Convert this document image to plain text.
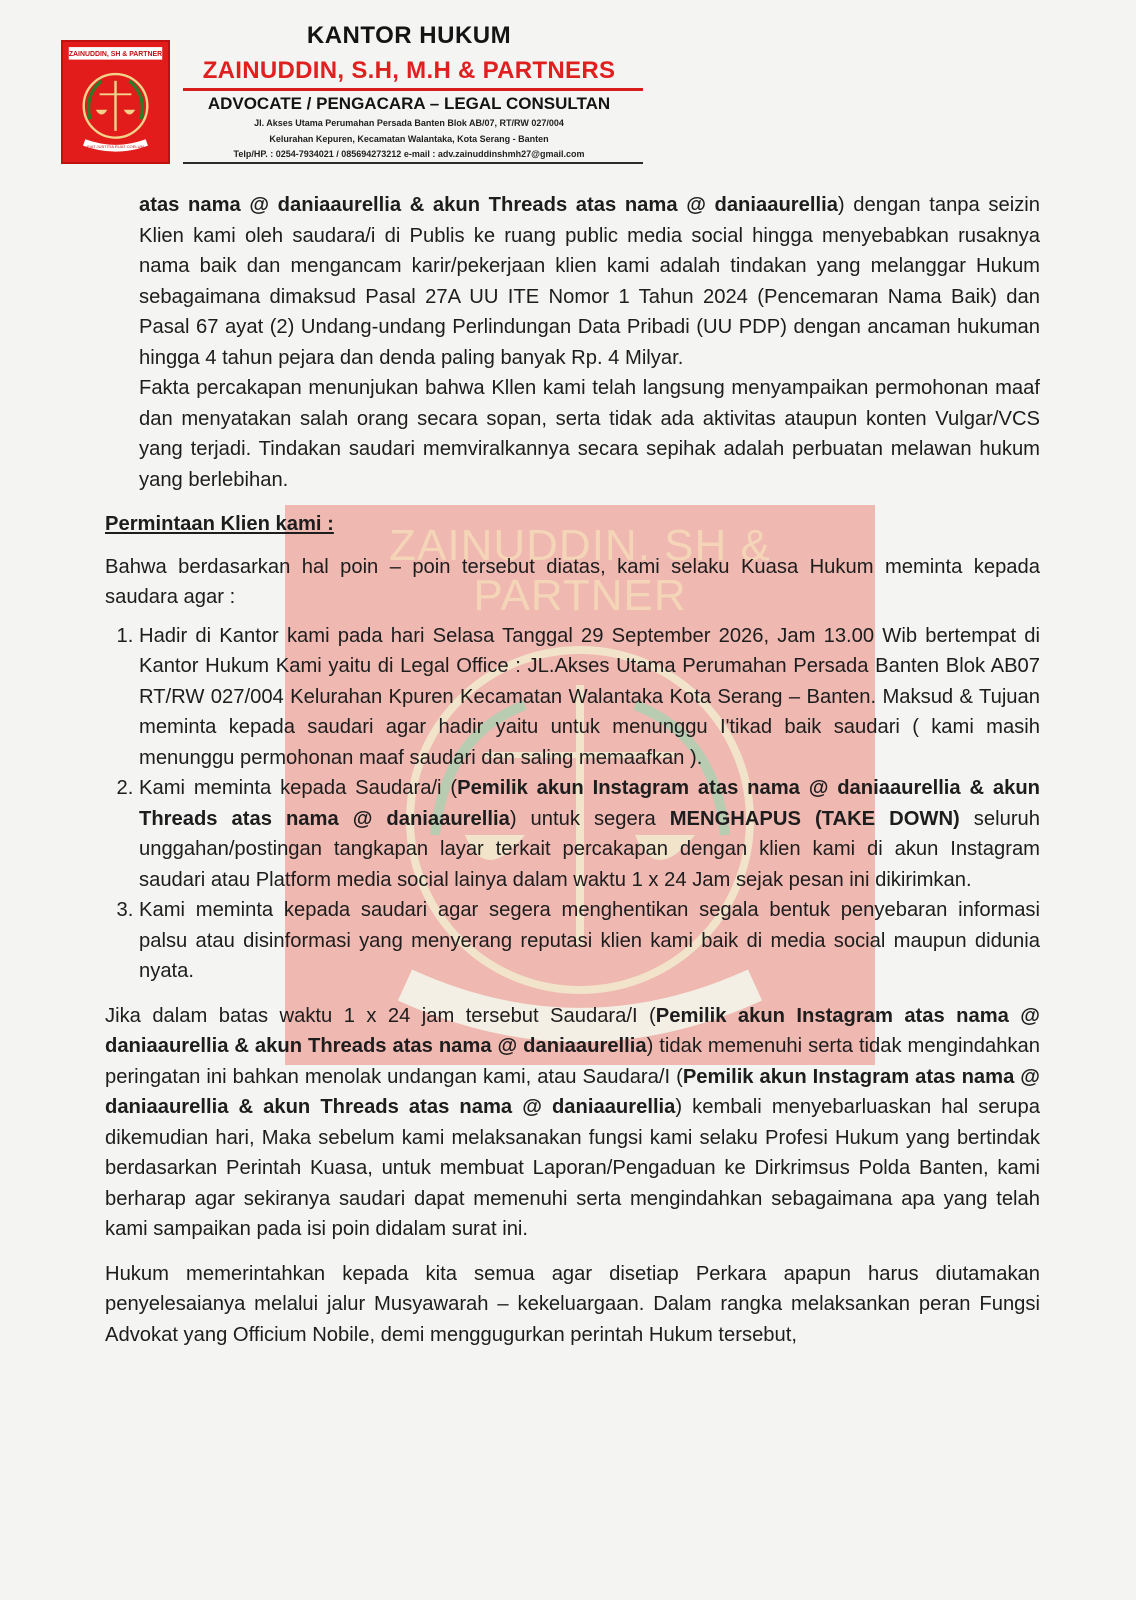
ZAINUDDIN. SH & PARTNER
ZAINUDDIN, SH & PARTNER
FIAT JUSTITIA RUAT COELUM

KANTOR HUKUM

ZAINUDDIN, S.H, M.H & PARTNERS

ADVOCATE / PENGACARA – LEGAL CONSULTAN

Jl. Akses Utama Perumahan Persada Banten Blok AB/07, RT/RW 027/004

Kelurahan Kepuren, Kecamatan Walantaka, Kota Serang - Banten

Telp/HP. : 0254-7934021 / 085694273212 e-mail : adv.zainuddinshmh27@gmail.com

atas nama @ daniaaurellia & akun Threads atas nama @ daniaaurellia) dengan tanpa seizin Klien kami oleh saudara/i di Publis ke ruang public media social hingga menyebabkan rusaknya nama baik dan mengancam karir/pekerjaan klien kami adalah tindakan yang melanggar Hukum sebagaimana dimaksud Pasal 27A UU ITE Nomor 1 Tahun 2024 (Pencemaran Nama Baik) dan Pasal 67 ayat (2) Undang-undang Perlindungan Data Pribadi (UU PDP) dengan ancaman hukuman hingga 4 tahun pejara dan denda paling banyak Rp. 4 Milyar.

Fakta percakapan menunjukan bahwa Kllen kami telah langsung menyampaikan permohonan maaf dan menyatakan salah orang secara sopan, serta tidak ada aktivitas ataupun konten Vulgar/VCS yang terjadi. Tindakan saudari memviralkannya secara sepihak adalah perbuatan melawan hukum yang berlebihan.

Permintaan Klien kami :

Bahwa berdasarkan hal poin – poin tersebut diatas, kami selaku Kuasa Hukum meminta kepada saudara agar :

1. Hadir di Kantor kami pada hari Selasa Tanggal 29 September 2026, Jam 13.00 Wib bertempat di Kantor Hukum Kami yaitu di Legal Office : JL.Akses Utama Perumahan Persada Banten Blok AB07 RT/RW 027/004 Kelurahan Kpuren Kecamatan Walantaka Kota Serang – Banten. Maksud & Tujuan meminta kepada saudari agar hadir yaitu untuk menunggu I'tikad baik saudari ( kami masih menunggu permohonan maaf saudari dan saling memaafkan ).
2. Kami meminta kepada Saudara/i (Pemilik akun Instagram atas nama @ daniaaurellia & akun Threads atas nama @ daniaaurellia) untuk segera MENGHAPUS (TAKE DOWN) seluruh unggahan/postingan tangkapan layar terkait percakapan dengan klien kami di akun Instagram saudari atau Platform media social lainya dalam waktu 1 x 24 Jam sejak pesan ini dikirimkan.
3. Kami meminta kepada saudari agar segera menghentikan segala bentuk penyebaran informasi palsu atau disinformasi yang menyerang reputasi klien kami baik di media social maupun didunia nyata.

Jika dalam batas waktu 1 x 24 jam tersebut Saudara/I (Pemilik akun Instagram atas nama @ daniaaurellia & akun Threads atas nama @ daniaaurellia) tidak memenuhi serta tidak mengindahkan peringatan ini bahkan menolak undangan kami, atau Saudara/I (Pemilik akun Instagram atas nama @ daniaaurellia & akun Threads atas nama @ daniaaurellia) kembali menyebarluaskan hal serupa dikemudian hari, Maka sebelum kami melaksanakan fungsi kami selaku Profesi Hukum yang bertindak berdasarkan Perintah Kuasa, untuk membuat Laporan/Pengaduan ke Dirkrimsus Polda Banten, kami berharap agar sekiranya saudari dapat memenuhi serta mengindahkan sebagaimana apa yang telah kami sampaikan pada isi poin didalam surat ini.

Hukum memerintahkan kepada kita semua agar disetiap Perkara apapun harus diutamakan penyelesaianya melalui jalur Musyawarah – kekeluargaan. Dalam rangka melaksankan peran Fungsi Advokat yang Officium Nobile, demi menggugurkan perintah Hukum tersebut,
